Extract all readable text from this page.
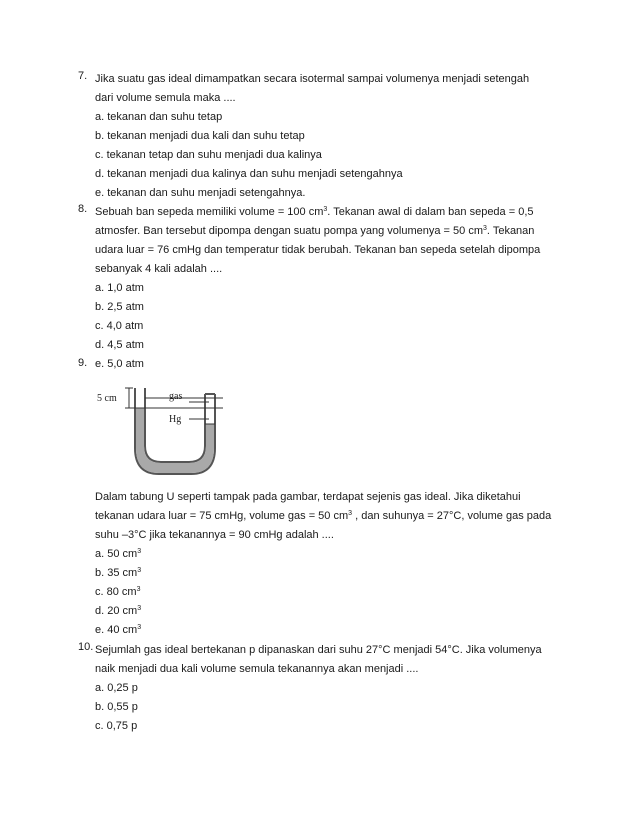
7. Jika suatu gas ideal dimampatkan secara isotermal sampai volumenya menjadi setengah
dari volume semula maka ....
a. tekanan dan suhu tetap
b. tekanan menjadi dua kali dan suhu tetap
c. tekanan tetap dan suhu menjadi dua kalinya
d. tekanan menjadi dua kalinya dan suhu menjadi setengahnya
e. tekanan dan suhu menjadi setengahnya.
8. Sebuah ban sepeda memiliki volume = 100 $cm^3$. Tekanan awal di dalam ban sepeda = 0,5
atmosfer. Ban tersebut dipompa dengan suatu pompa yang volumenya = 50 $cm^3$. Tekanan
udara luar = 76 cmHg dan temperatur tidak berubah. Tekanan ban sepeda setelah dipompa
sebanyak 4 kali adalah ....
a. 1,0 atm
b. 2,5 atm
c. 4,0 atm
d. 4,5 atm
e. 5,0 atm
9.
5 cm	gas
Hg
Dalam tabung U seperti tampak pada gambar, terdapat sejenis gas ideal. Jika diketahui
tekanan udara luar = 75 cmHg, volume gas = 50 $cm^3$ , dan suhunya = 27°C, volume gas pada
suhu –3°C jika tekanannya = 90 cmHg adalah ....
a. 50 $cm^3$
b. 35 $cm^3$
c. 80 $cm^3$
d. 20 $cm^3$
e. 40 $cm^3$
10. Sejumlah gas ideal bertekanan p dipanaskan dari suhu 27°C menjadi 54°C. Jika volumenya
naik menjadi dua kali volume semula tekanannya akan menjadi ....
a. 0,25 p
b. 0,55 p
c. 0,75 p
